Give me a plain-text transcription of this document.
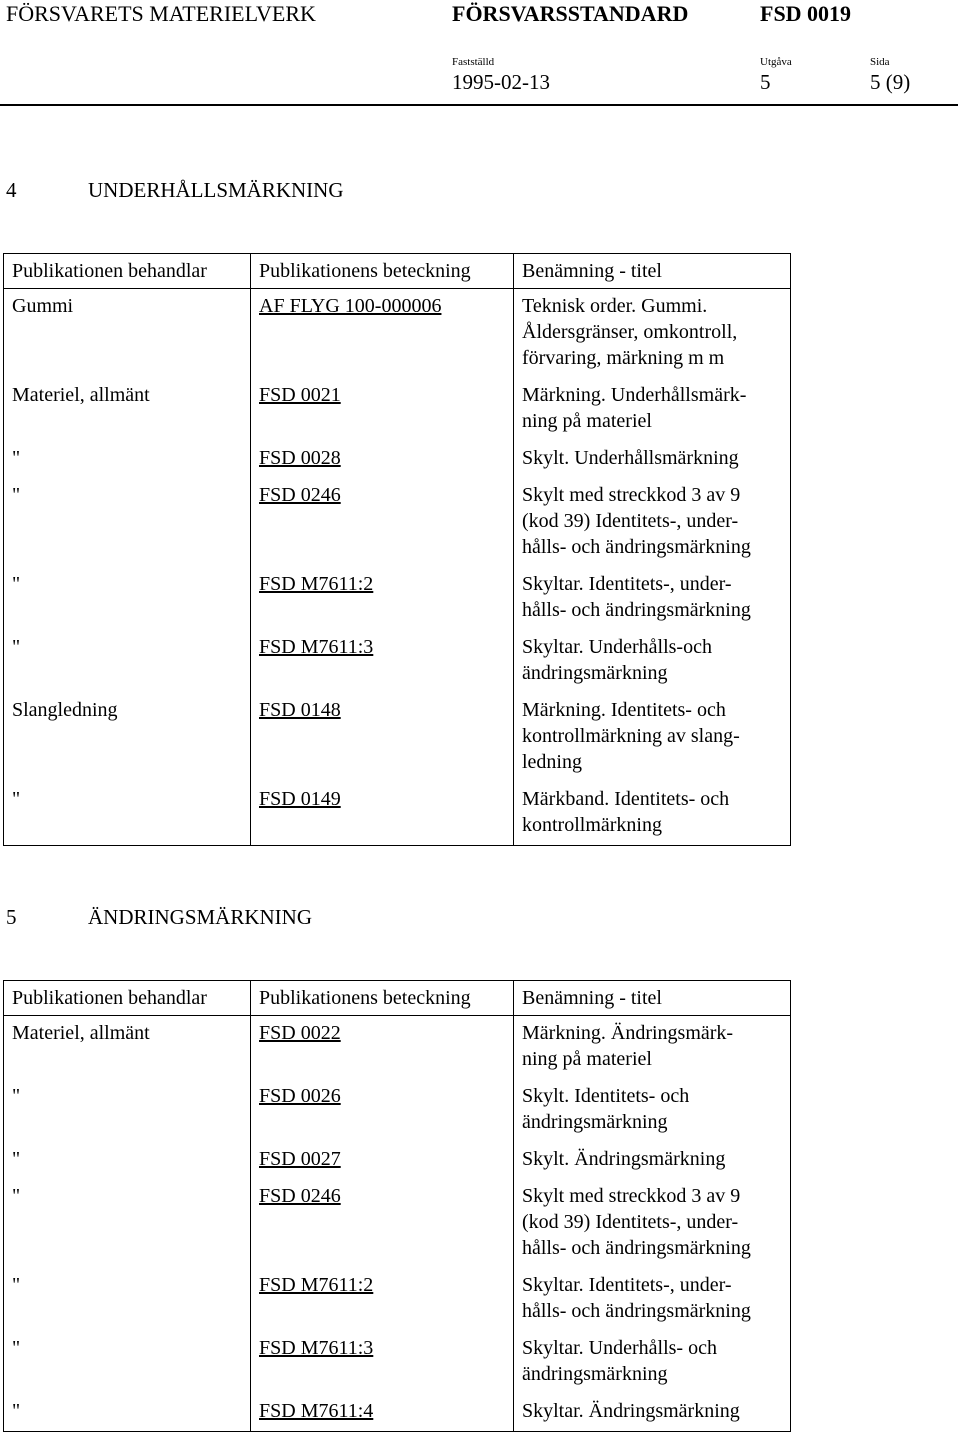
FÖRSVARETS MATERIELVERK	FÖRSVARSSTANDARD	FSD 0019
Fastställd	Utgåva	Sida
1995-02-13	5	5 (9)
4	UNDERHÅLLSMÄRKNING
Publikationen behandlar	Publikationens beteckning	Benämning - titel
Gummi	AF FLYG 100-000006	Teknisk order. Gummi.
Åldersgränser, omkontroll,
förvaring, märkning m m
Materiel, allmänt	FSD 0021	Märkning. Underhållsmärk-
ning på materiel
"	FSD 0028	Skylt. Underhållsmärkning
"	FSD 0246	Skylt med streckkod 3 av 9
(kod 39) Identitets-, under-
hålls- och ändringsmärkning
"	FSD M7611:2	Skyltar. Identitets-, under-
hålls- och ändringsmärkning
"	FSD M7611:3	Skyltar. Underhålls-och
ändringsmärkning
Slangledning	FSD 0148	Märkning. Identitets- och
kontrollmärkning av slang-
ledning
"	FSD 0149	Märkband. Identitets- och
kontrollmärkning
5	ÄNDRINGSMÄRKNING
Publikationen behandlar	Publikationens beteckning	Benämning - titel
Materiel, allmänt	FSD 0022	Märkning. Ändringsmärk-
ning på materiel
"	FSD 0026	Skylt. Identitets- och
ändringsmärkning
"	FSD 0027	Skylt. Ändringsmärkning
"	FSD 0246	Skylt med streckkod 3 av 9
(kod 39) Identitets-, under-
hålls- och ändringsmärkning
"	FSD M7611:2	Skyltar. Identitets-, under-
hålls- och ändringsmärkning
"	FSD M7611:3	Skyltar. Underhålls- och
ändringsmärkning
"	FSD M7611:4	Skyltar. Ändringsmärkning
